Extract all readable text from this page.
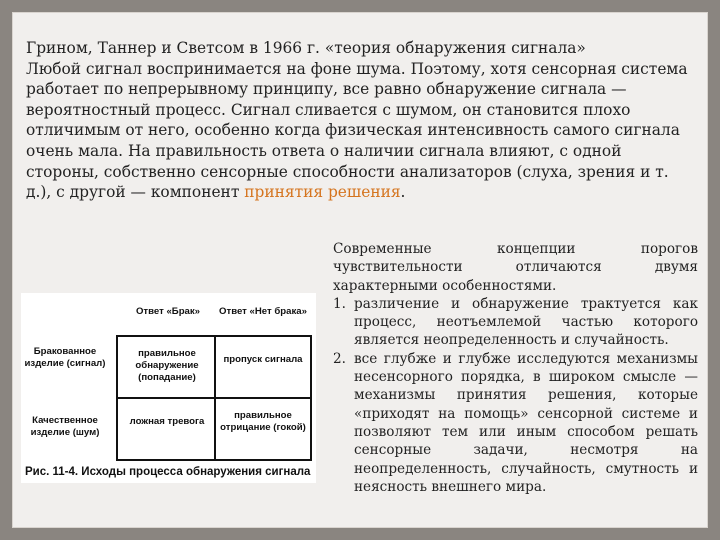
Грином, Таннер и Светсом в 1966 г. «теория обнаружения сигнала»
Любой сигнал воспринимается на фоне шума. Поэтому, хотя сенсорная система работает по непрерывному принципу, все равно обнаружение сигнала — вероятностный процесс. Сигнал сливается с шумом, он становится плохо отличимым от него, особенно когда физическая интенсивность самого сигнала очень мала. На правильность ответа о наличии сигнала влияют, с одной стороны, собственно сенсорные способности анализаторов (слуха, зрения и т. д.), с другой — компонент принятия решения.

Ответ «Брак»	Ответ «Нет брака»
Бракованное изделие (сигнал)
Качественное изделие (шум)
правильное обнаружение (попадание)
пропуск сигнала
ложная тревога
правильное отрицание (гокой)
Рис. 11-4. Исходы процесса обнаружения сигнала
Современные концепции порогов чувствительности отличаются двумя характерными особенностями.
1. различение и обнаружение трактуется как процесс, неотъемлемой частью которого является неопределенность и случайность.
2. все глубже и глубже исследуются механизмы несенсорного порядка, в широком смысле — механизмы принятия решения, которые «приходят на помощь» сенсорной системе и позволяют тем или иным способом решать сенсорные задачи, несмотря на неопределенность, случайность, смутность и неясность внешнего мира.
